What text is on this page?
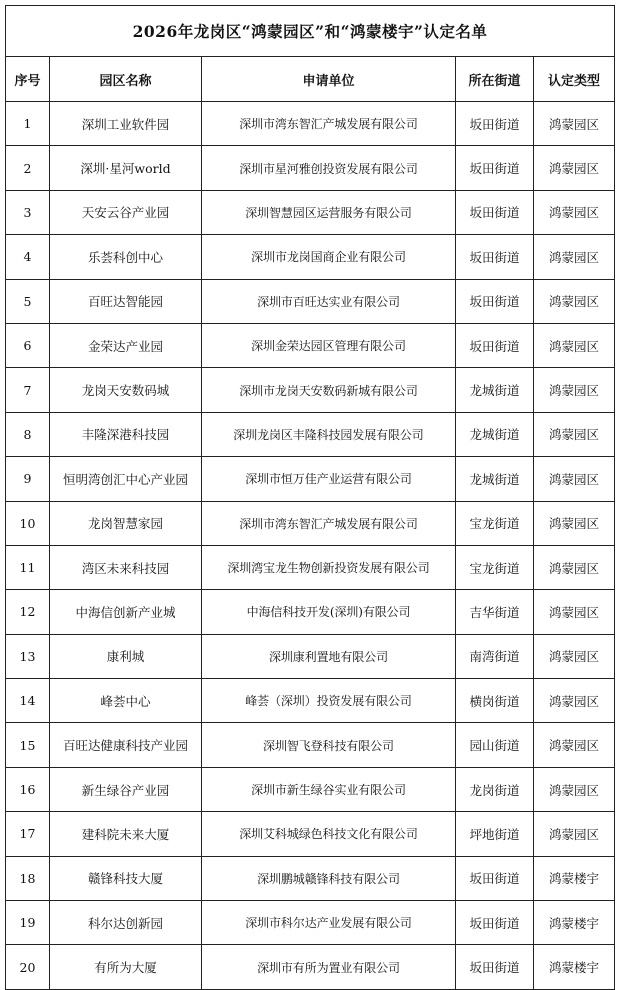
2026年龙岗区“鸿蒙园区”和“鸿蒙楼宇”认定名单				
序号	园区名称	申请单位	所在街道	认定类型
1	深圳工业软件园	深圳市湾东智汇产城发展有限公司	坂田街道	鸿蒙园区
2	深圳·星河world	深圳市星河雅创投资发展有限公司	坂田街道	鸿蒙园区
3	天安云谷产业园	深圳智慧园区运营服务有限公司	坂田街道	鸿蒙园区
4	乐荟科创中心	深圳市龙岗国商企业有限公司	坂田街道	鸿蒙园区
5	百旺达智能园	深圳市百旺达实业有限公司	坂田街道	鸿蒙园区
6	金荣达产业园	深圳金荣达园区管理有限公司	坂田街道	鸿蒙园区
7	龙岗天安数码城	深圳市龙岗天安数码新城有限公司	龙城街道	鸿蒙园区
8	丰隆深港科技园	深圳龙岗区丰隆科技园发展有限公司	龙城街道	鸿蒙园区
9	恒明湾创汇中心产业园	深圳市恒万佳产业运营有限公司	龙城街道	鸿蒙园区
10	龙岗智慧家园	深圳市湾东智汇产城发展有限公司	宝龙街道	鸿蒙园区
11	湾区未来科技园	深圳湾宝龙生物创新投资发展有限公司	宝龙街道	鸿蒙园区
12	中海信创新产业城	中海信科技开发(深圳)有限公司	吉华街道	鸿蒙园区
13	康利城	深圳康利置地有限公司	南湾街道	鸿蒙园区
14	峰荟中心	峰荟（深圳）投资发展有限公司	横岗街道	鸿蒙园区
15	百旺达健康科技产业园	深圳智飞登科技有限公司	园山街道	鸿蒙园区
16	新生绿谷产业园	深圳市新生绿谷实业有限公司	龙岗街道	鸿蒙园区
17	建科院未来大厦	深圳艾科城绿色科技文化有限公司	坪地街道	鸿蒙园区
18	赣锋科技大厦	深圳鹏城赣锋科技有限公司	坂田街道	鸿蒙楼宇
19	科尔达创新园	深圳市科尔达产业发展有限公司	坂田街道	鸿蒙楼宇
20	有所为大厦	深圳市有所为置业有限公司	坂田街道	鸿蒙楼宇
